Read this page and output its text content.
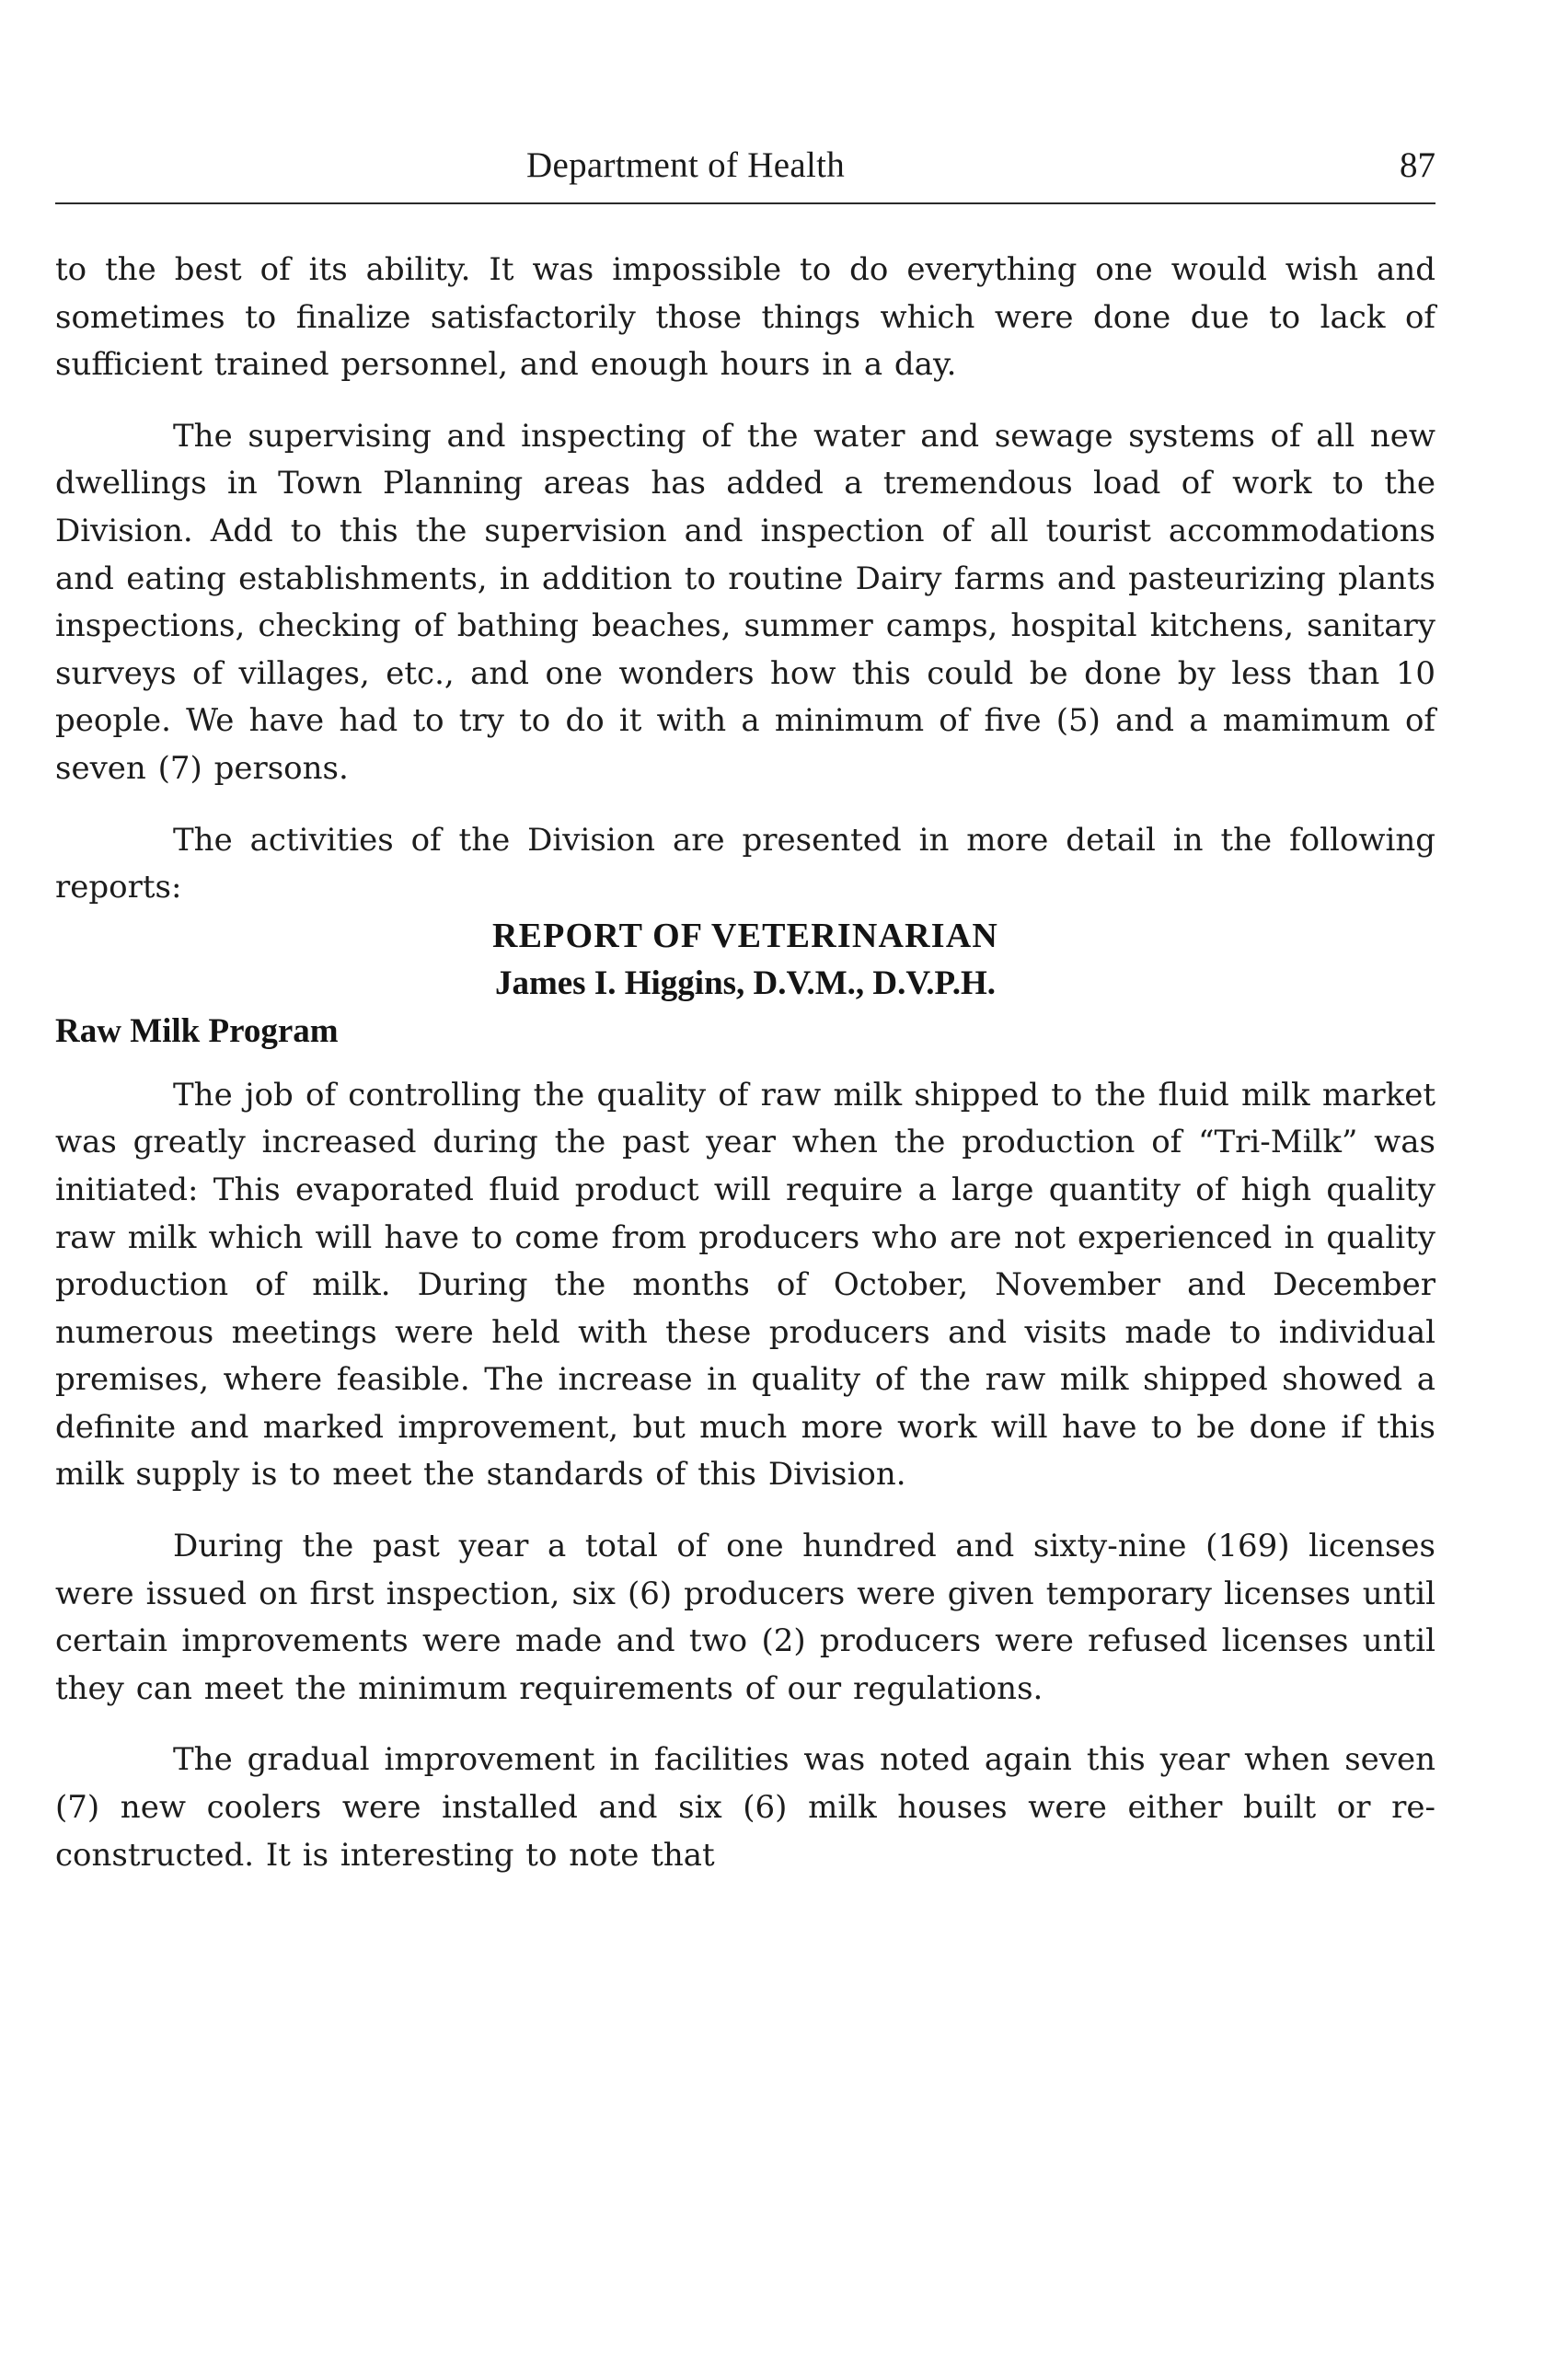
Department of Health	87

to the best of its ability. It was impossible to do everything one would wish and sometimes to finalize satisfactorily those things which were done due to lack of sufficient trained personnel, and enough hours in a day.

The supervising and inspecting of the water and sewage systems of all new dwellings in Town Planning areas has added a tremendous load of work to the Division. Add to this the supervision and inspection of all tourist accommodations and eating establishments, in addition to routine Dairy farms and pasteurizing plants inspections, checking of bathing beaches, summer camps, hospital kitchens, sanitary surveys of villages, etc., and one wonders how this could be done by less than 10 people. We have had to try to do it with a minimum of five (5) and a mamimum of seven (7) persons.

The activities of the Division are presented in more detail in the following reports:

REPORT OF VETERINARIAN
James I. Higgins, D.V.M., D.V.P.H.
Raw Milk Program

The job of controlling the quality of raw milk shipped to the fluid milk market was greatly increased during the past year when the production of “Tri-Milk” was initiated: This evaporated fluid product will require a large quantity of high quality raw milk which will have to come from producers who are not experienced in quality production of milk. During the months of October, November and December numerous meetings were held with these producers and visits made to individual premises, where feasible. The increase in quality of the raw milk shipped showed a definite and marked improvement, but much more work will have to be done if this milk supply is to meet the standards of this Division.

During the past year a total of one hundred and sixty-nine (169) licenses were issued on first inspection, six (6) producers were given temporary licenses until certain improvements were made and two (2) producers were refused licenses until they can meet the minimum requirements of our regulations.

The gradual improvement in facilities was noted again this year when seven (7) new coolers were installed and six (6) milk houses were either built or re-constructed. It is interesting to note that
